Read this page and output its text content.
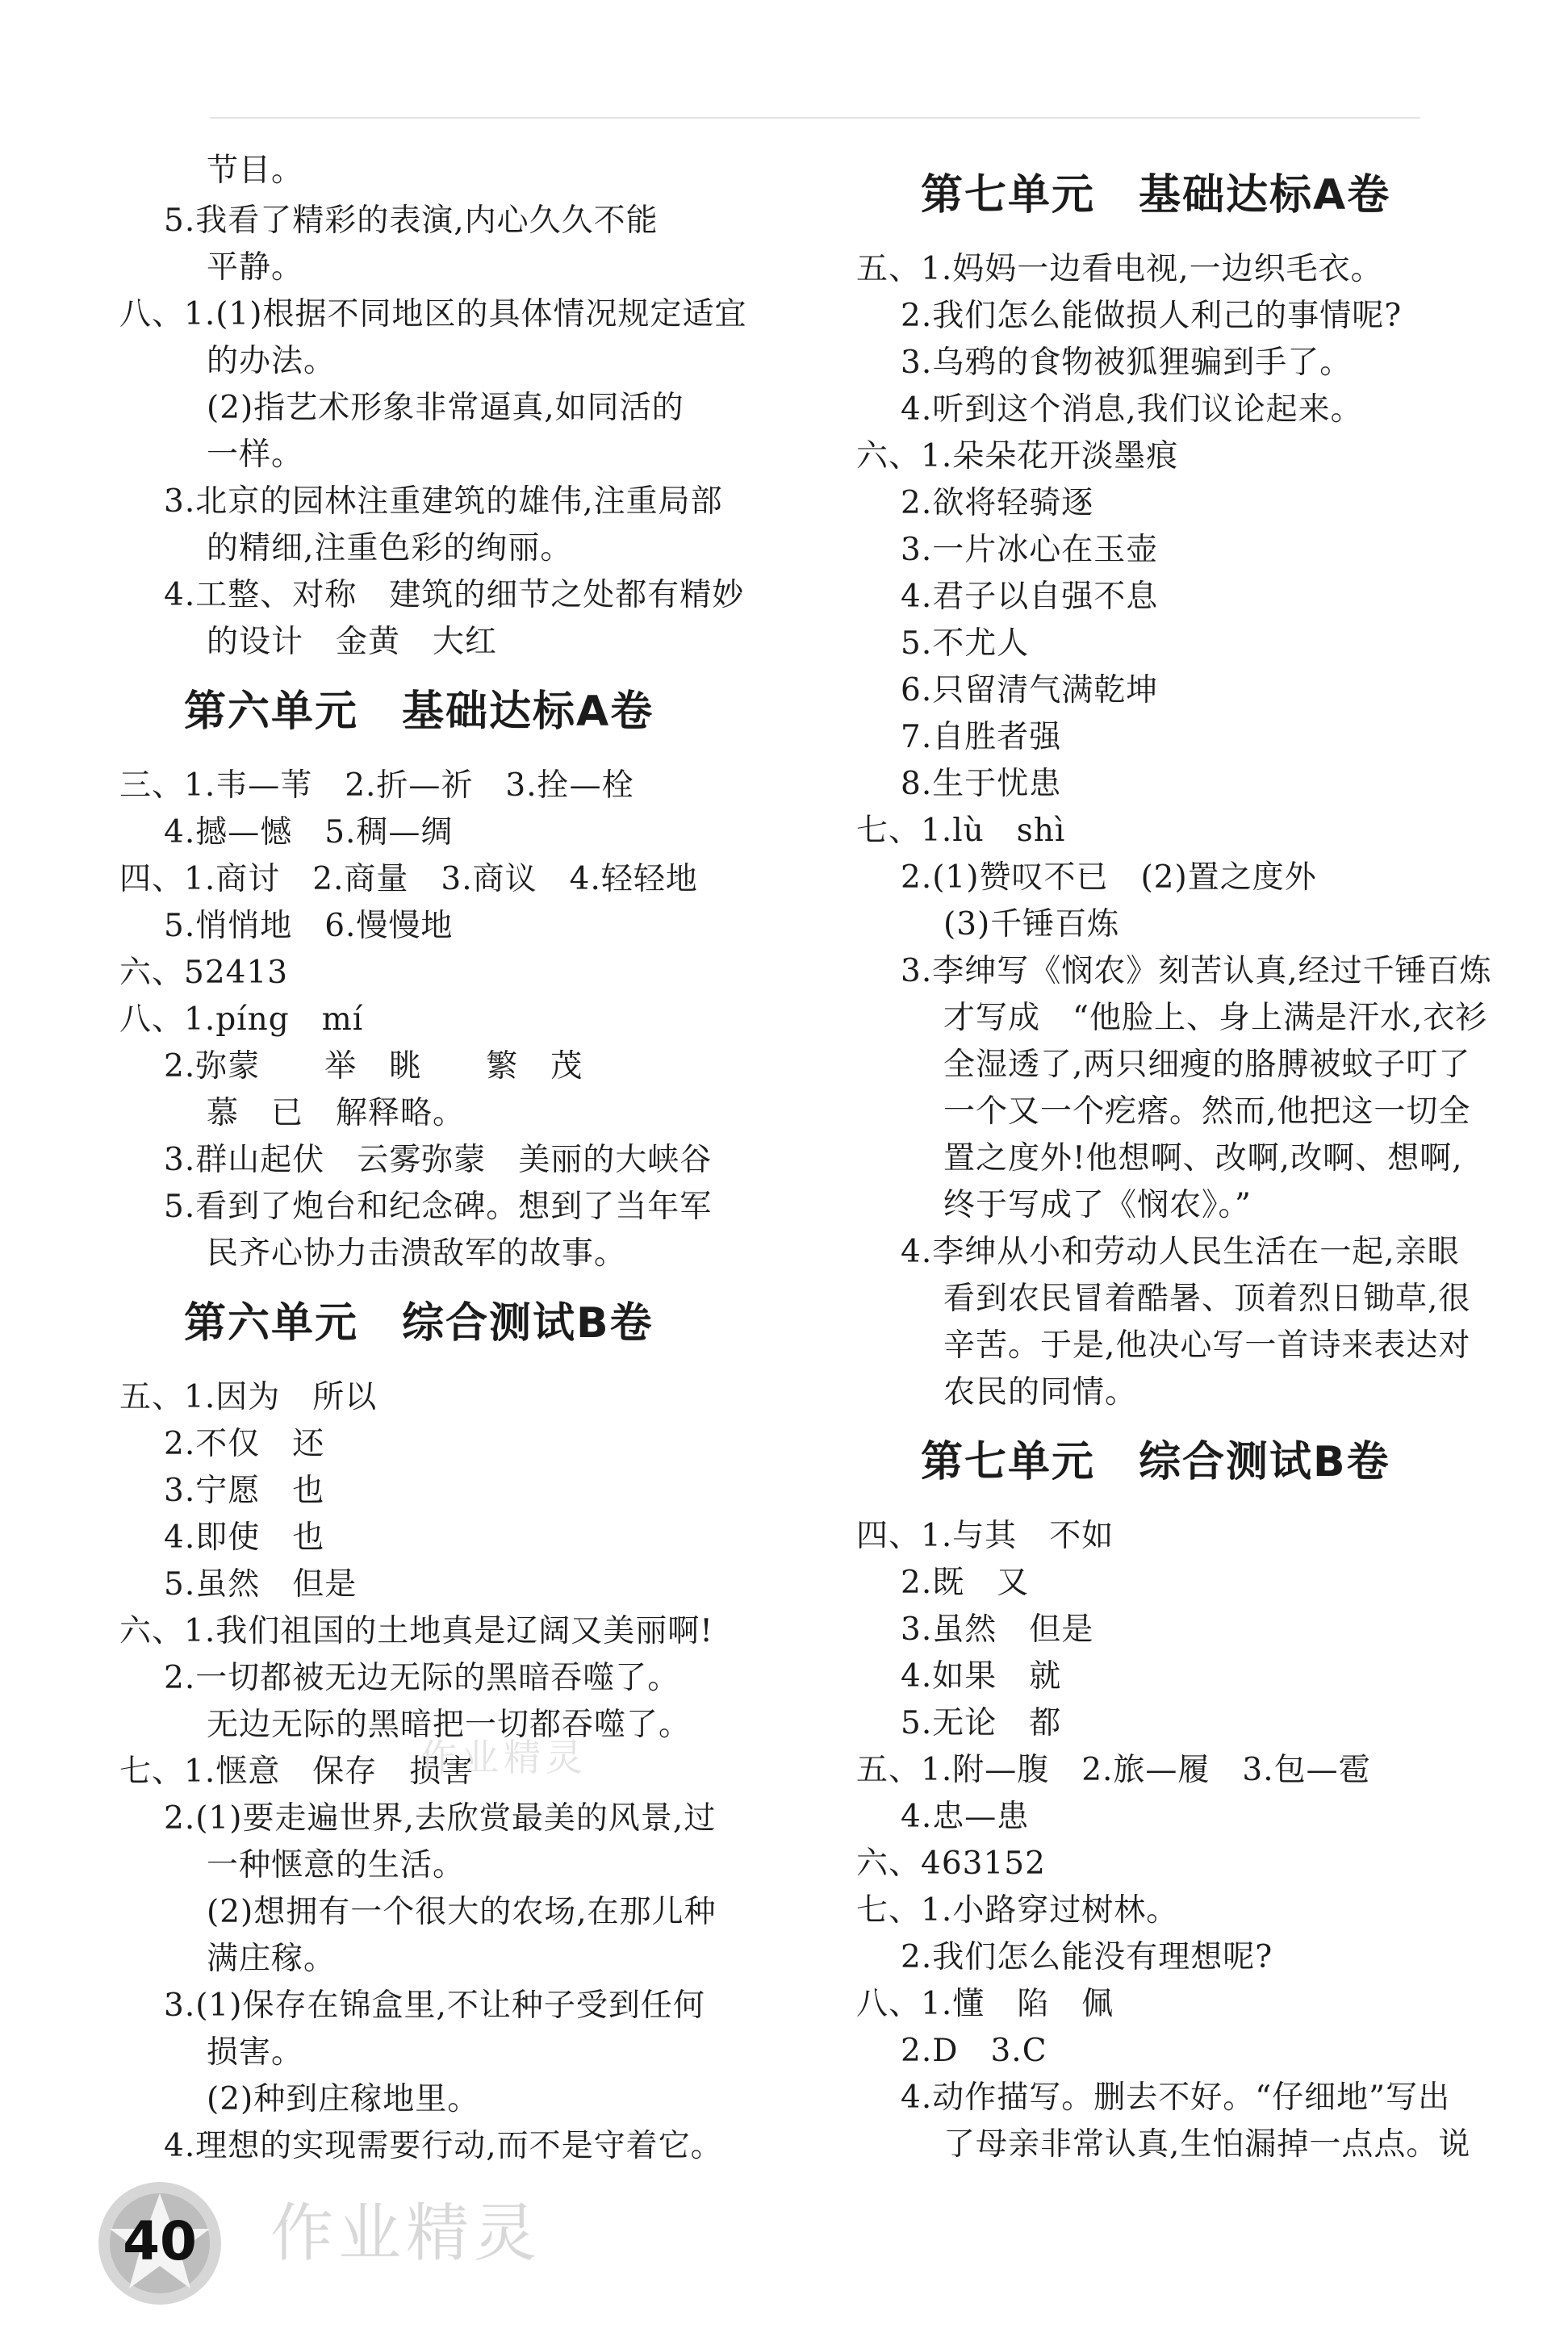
节目。
5.我看了精彩的表演,内心久久不能
平静。
八、1.(1)根据不同地区的具体情况规定适宜
的办法。
(2)指艺术形象非常逼真,如同活的
一样。
3.北京的园林注重建筑的雄伟,注重局部
的精细,注重色彩的绚丽。
4.工整、对称　建筑的细节之处都有精妙
的设计　金黄　大红
第六单元　基础达标A卷
三、1.韦—苇　2.折—祈　3.拴—栓
4.撼—憾　5.稠—绸
四、1.商讨　2.商量　3.商议　4.轻轻地
5.悄悄地　6.慢慢地
六、52413
八、1.píng　mí
2.弥蒙　　举　眺　　繁　茂
慕　已　解释略。
3.群山起伏　云雾弥蒙　美丽的大峡谷
5.看到了炮台和纪念碑。想到了当年军
民齐心协力击溃敌军的故事。
第六单元　综合测试B卷
五、1.因为　所以
2.不仅　还
3.宁愿　也
4.即使　也
5.虽然　但是
六、1.我们祖国的土地真是辽阔又美丽啊!
2.一切都被无边无际的黑暗吞噬了。
无边无际的黑暗把一切都吞噬了。
七、1.惬意　保存　损害
2.(1)要走遍世界,去欣赏最美的风景,过
一种惬意的生活。
(2)想拥有一个很大的农场,在那儿种
满庄稼。
3.(1)保存在锦盒里,不让种子受到任何
损害。
(2)种到庄稼地里。
4.理想的实现需要行动,而不是守着它。
第七单元　基础达标A卷
五、1.妈妈一边看电视,一边织毛衣。
2.我们怎么能做损人利己的事情呢?
3.乌鸦的食物被狐狸骗到手了。
4.听到这个消息,我们议论起来。
六、1.朵朵花开淡墨痕
2.欲将轻骑逐
3.一片冰心在玉壶
4.君子以自强不息
5.不尤人
6.只留清气满乾坤
7.自胜者强
8.生于忧患
七、1.lù　shì
2.(1)赞叹不已　(2)置之度外
(3)千锤百炼
3.李绅写《悯农》刻苦认真,经过千锤百炼
才写成　“他脸上、身上满是汗水,衣衫
全湿透了,两只细瘦的胳膊被蚊子叮了
一个又一个疙瘩。然而,他把这一切全
置之度外!他想啊、改啊,改啊、想啊,
终于写成了《悯农》。”
4.李绅从小和劳动人民生活在一起,亲眼
看到农民冒着酷暑、顶着烈日锄草,很
辛苦。于是,他决心写一首诗来表达对
农民的同情。
第七单元　综合测试B卷
四、1.与其　不如
2.既　又
3.虽然　但是
4.如果　就
5.无论　都
五、1.附—腹　2.旅—履　3.包—雹
4.忠—患
六、463152
七、1.小路穿过树林。
2.我们怎么能没有理想呢?
八、1.懂　陷　佩
2.D　3.C
4.动作描写。删去不好。“仔细地”写出
了母亲非常认真,生怕漏掉一点点。说
作业精灵
40 作业精灵
